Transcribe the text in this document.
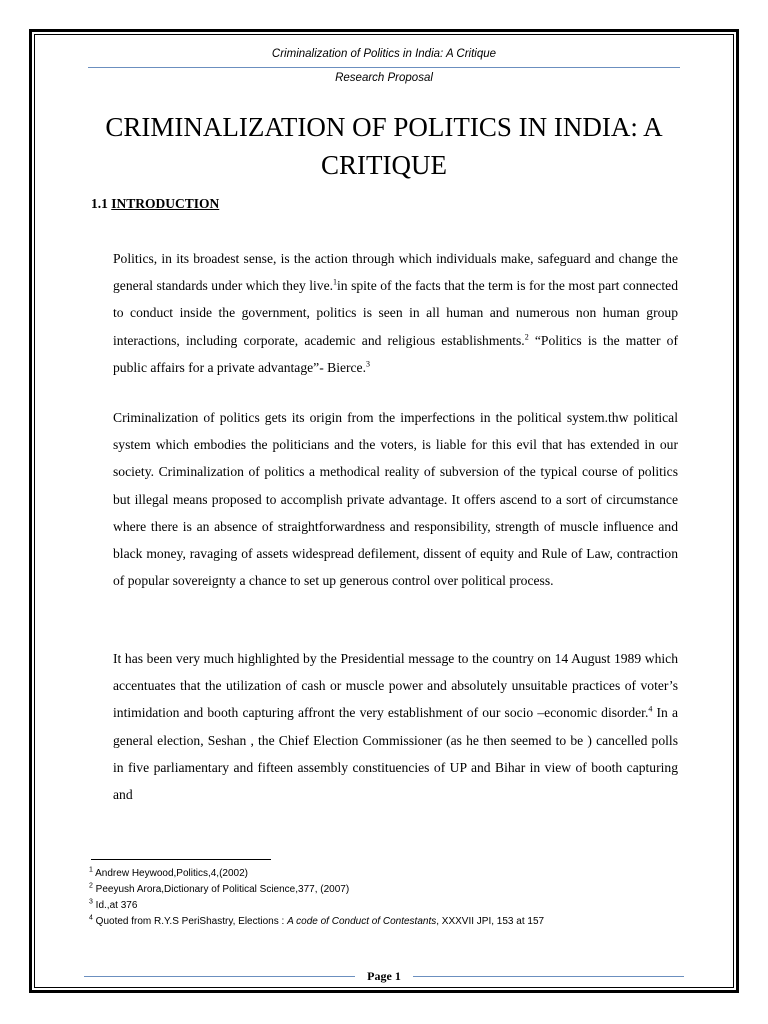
Criminalization of Politics in India: A Critique
Research Proposal
CRIMINALIZATION OF POLITICS IN INDIA: A CRITIQUE
1.1 INTRODUCTION

Politics, in its broadest sense, is the action through which individuals make, safeguard and change the general standards under which they live.$^1$in spite of the facts that the term is for the most part connected to conduct inside the government, politics is seen in all human and numerous non human group interactions, including corporate, academic and religious establishments.$^2$ “Politics is the matter of public affairs for a private advantage”- Bierce.$^3$

Criminalization of politics gets its origin from the imperfections in the political system.thw political system which embodies the politicians and the voters, is liable for this evil that has extended in our society. Criminalization of politics a methodical reality of subversion of the typical course of politics but illegal means proposed to accomplish private advantage. It offers ascend to a sort of circumstance where there is an absence of straightforwardness and responsibility, strength of muscle influence and black money, ravaging of assets widespread defilement, dissent of equity and Rule of Law, contraction of popular sovereignty a chance to set up generous control over political process.

It has been very much highlighted by the Presidential message to the country on 14 August 1989 which accentuates that the utilization of cash or muscle power and absolutely unsuitable practices of voter’s intimidation and booth capturing affront the very establishment of our socio –economic disorder.$^4$ In a general election, Seshan , the Chief Election Commissioner (as he then seemed to be ) cancelled polls in five parliamentary and fifteen assembly constituencies of UP and Bihar in view of booth capturing and

$^1$ Andrew Heywood,Politics,4,(2002)
$^2$ Peeyush Arora,Dictionary of Political Science,377, (2007)
$^3$ Id.,at 376
$^4$ Quoted from R.Y.S PeriShastry, Elections : A code of Conduct of Contestants, XXXVII JPI, 153 at 157
Page 1
